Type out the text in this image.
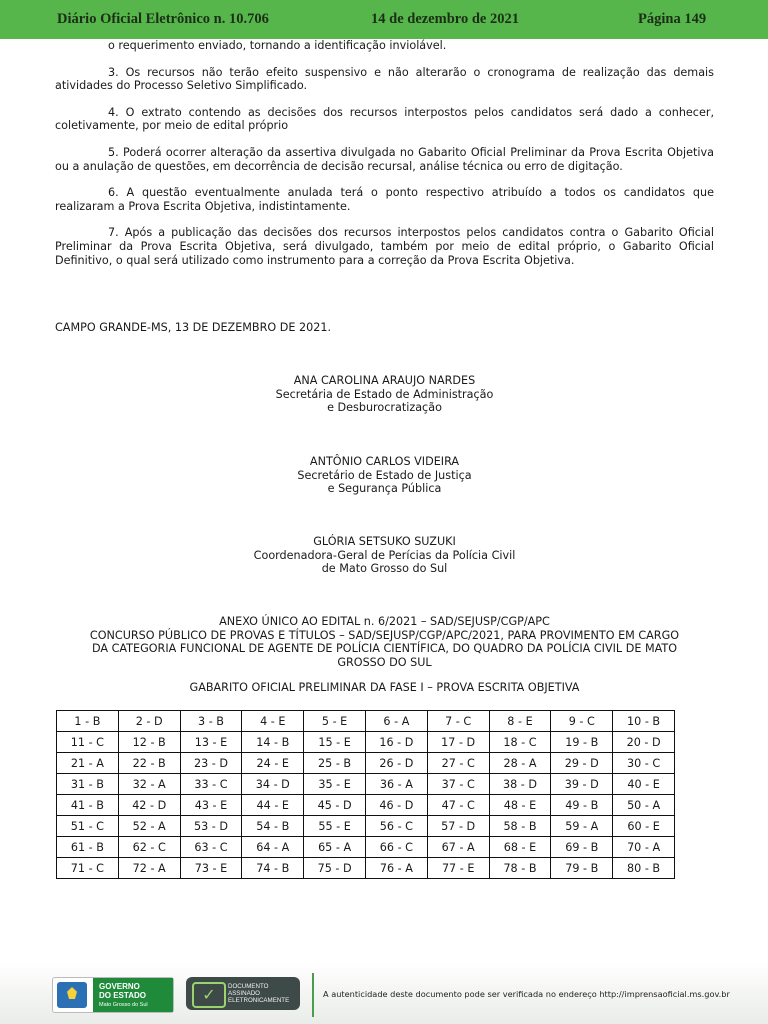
Diário Oficial Eletrônico n. 10.706	14 de dezembro de 2021	Página 149

o requerimento enviado, tornando a identificação inviolável.

3. Os recursos não terão efeito suspensivo e não alterarão o cronograma de realização das demais atividades do Processo Seletivo Simplificado.

4. O extrato contendo as decisões dos recursos interpostos pelos candidatos será dado a conhecer, coletivamente, por meio de edital próprio

5. Poderá ocorrer alteração da assertiva divulgada no Gabarito Oficial Preliminar da Prova Escrita Objetiva ou a anulação de questões, em decorrência de decisão recursal, análise técnica ou erro de digitação.

6. A questão eventualmente anulada terá o ponto respectivo atribuído a todos os candidatos que realizaram a Prova Escrita Objetiva, indistintamente.

7. Após a publicação das decisões dos recursos interpostos pelos candidatos contra o Gabarito Oficial Preliminar da Prova Escrita Objetiva, será divulgado, também por meio de edital próprio, o Gabarito Oficial Definitivo, o qual será utilizado como instrumento para a correção da Prova Escrita Objetiva.

CAMPO GRANDE-MS, 13 DE DEZEMBRO DE 2021.
ANA CAROLINA ARAUJO NARDES
Secretária de Estado de Administração
e Desburocratização
ANTÔNIO CARLOS VIDEIRA
Secretário de Estado de Justiça
e Segurança Pública
GLÓRIA SETSUKO SUZUKI
Coordenadora-Geral de Perícias da Polícia Civil
de Mato Grosso do Sul
ANEXO ÚNICO AO EDITAL n. 6/2021 – SAD/SEJUSP/CGP/APC
CONCURSO PÚBLICO DE PROVAS E TÍTULOS – SAD/SEJUSP/CGP/APC/2021, PARA PROVIMENTO EM CARGO
DA CATEGORIA FUNCIONAL DE AGENTE DE POLÍCIA CIENTÍFICA, DO QUADRO DA POLÍCIA CIVIL DE MATO
GROSSO DO SUL
GABARITO OFICIAL PRELIMINAR DA FASE I – PROVA ESCRITA OBJETIVA
1 - B	2 - D	3 - B	4 - E	5 - E	6 - A	7 - C	8 - E	9 - C	10 - B
11 - C	12 - B	13 - E	14 - B	15 - E	16 - D	17 - D	18 - C	19 - B	20 - D
21 - A	22 - B	23 - D	24 - E	25 - B	26 - D	27 - C	28 - A	29 - D	30 - C
31 - B	32 - A	33 - C	34 - D	35 - E	36 - A	37 - C	38 - D	39 - D	40 - E
41 - B	42 - D	43 - E	44 - E	45 - D	46 - D	47 - C	48 - E	49 - B	50 - A
51 - C	52 - A	53 - D	54 - B	55 - E	56 - C	57 - D	58 - B	59 - A	60 - E
61 - B	62 - C	63 - C	64 - A	65 - A	66 - C	67 - A	68 - E	69 - B	70 - A
71 - C	72 - A	73 - E	74 - B	75 - D	76 - A	77 - E	78 - B	79 - B	80 - B
GOVERNO
DO ESTADO
Mato Grosso do Sul
✓	DOCUMENTO
ASSINADO
ELETRONICAMENTE
A autenticidade deste documento pode ser verificada no endereço http://imprensaoficial.ms.gov.br
